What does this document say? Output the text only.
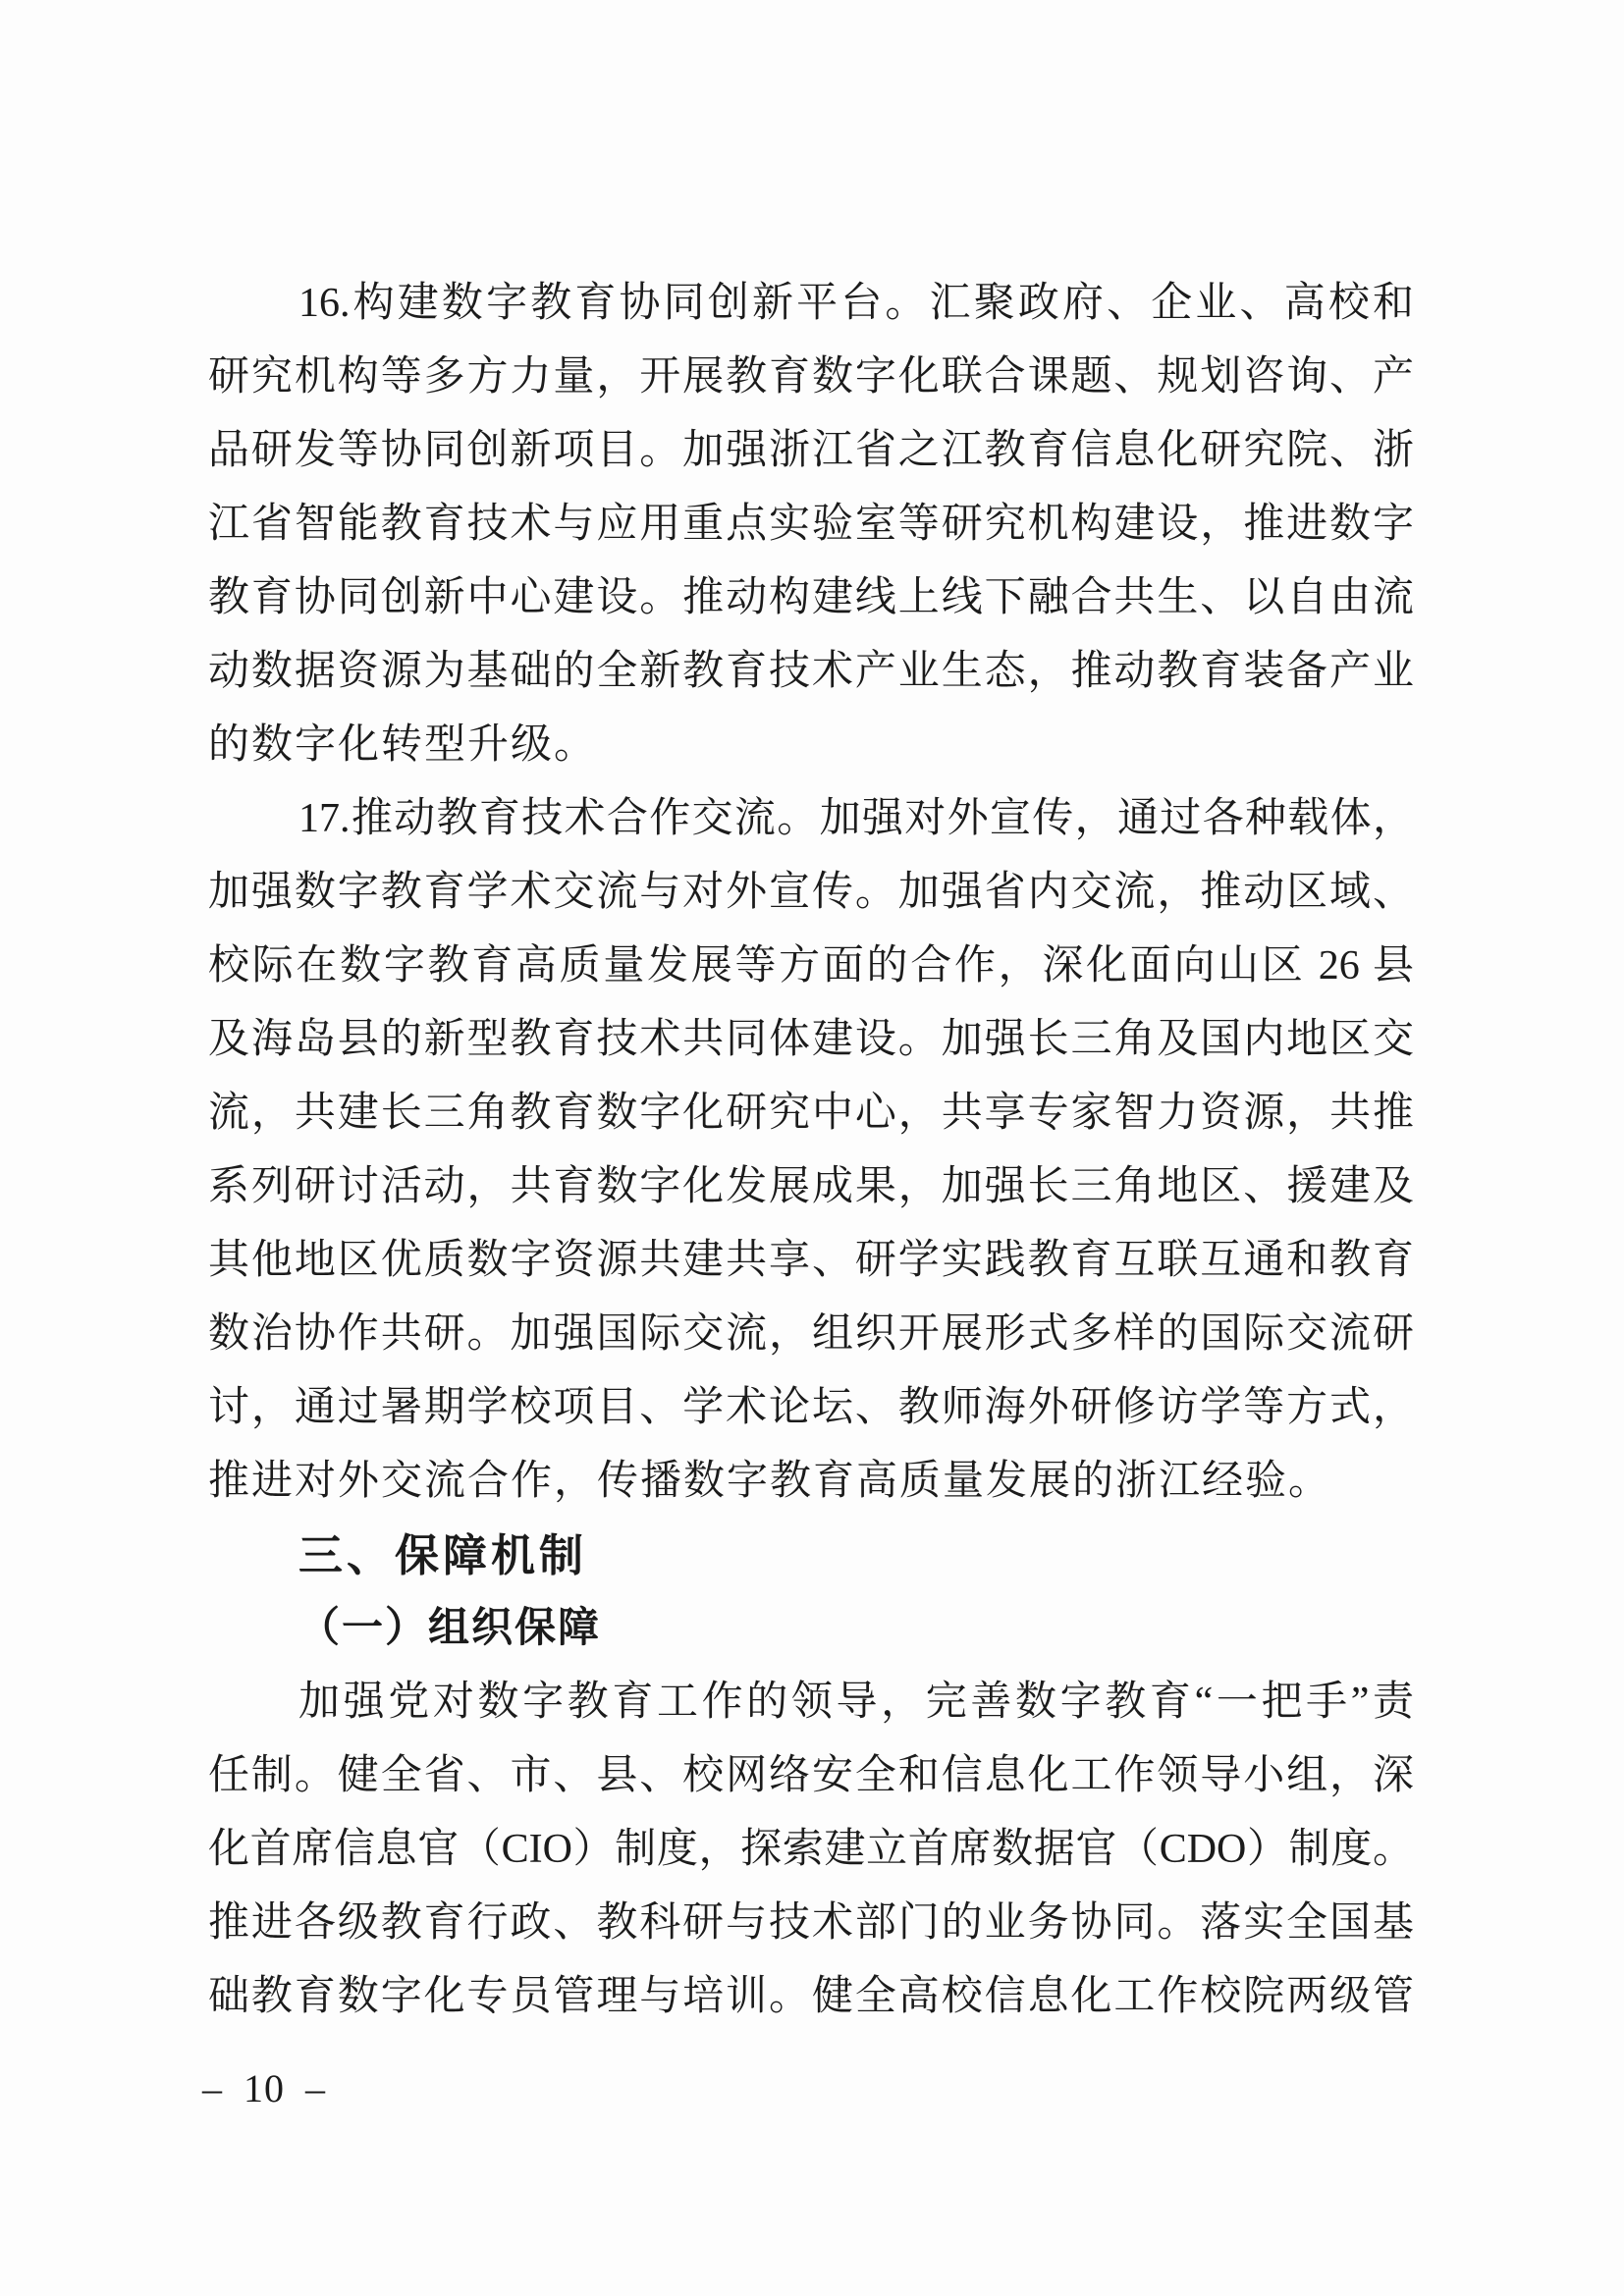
16.构建数字教育协同创新平台。汇聚政府、企业、高校和
研究机构等多方力量，开展教育数字化联合课题、规划咨询、产
品研发等协同创新项目。加强浙江省之江教育信息化研究院、浙
江省智能教育技术与应用重点实验室等研究机构建设，推进数字
教育协同创新中心建设。推动构建线上线下融合共生、以自由流
动数据资源为基础的全新教育技术产业生态，推动教育装备产业
的数字化转型升级。
17.推动教育技术合作交流。加强对外宣传，通过各种载体，
加强数字教育学术交流与对外宣传。加强省内交流，推动区域、
校际在数字教育高质量发展等方面的合作，深化面向山区 26 县
及海岛县的新型教育技术共同体建设。加强长三角及国内地区交
流，共建长三角教育数字化研究中心，共享专家智力资源，共推
系列研讨活动，共育数字化发展成果，加强长三角地区、援建及
其他地区优质数字资源共建共享、研学实践教育互联互通和教育
数治协作共研。加强国际交流，组织开展形式多样的国际交流研
讨，通过暑期学校项目、学术论坛、教师海外研修访学等方式，
推进对外交流合作，传播数字教育高质量发展的浙江经验。
三、保障机制
（一）组织保障
加强党对数字教育工作的领导，完善数字教育“一把手”责
任制。健全省、市、县、校网络安全和信息化工作领导小组，深
化首席信息官（CIO）制度，探索建立首席数据官（CDO）制度。
推进各级教育行政、教科研与技术部门的业务协同。落实全国基
础教育数字化专员管理与培训。健全高校信息化工作校院两级管
– 10 –
